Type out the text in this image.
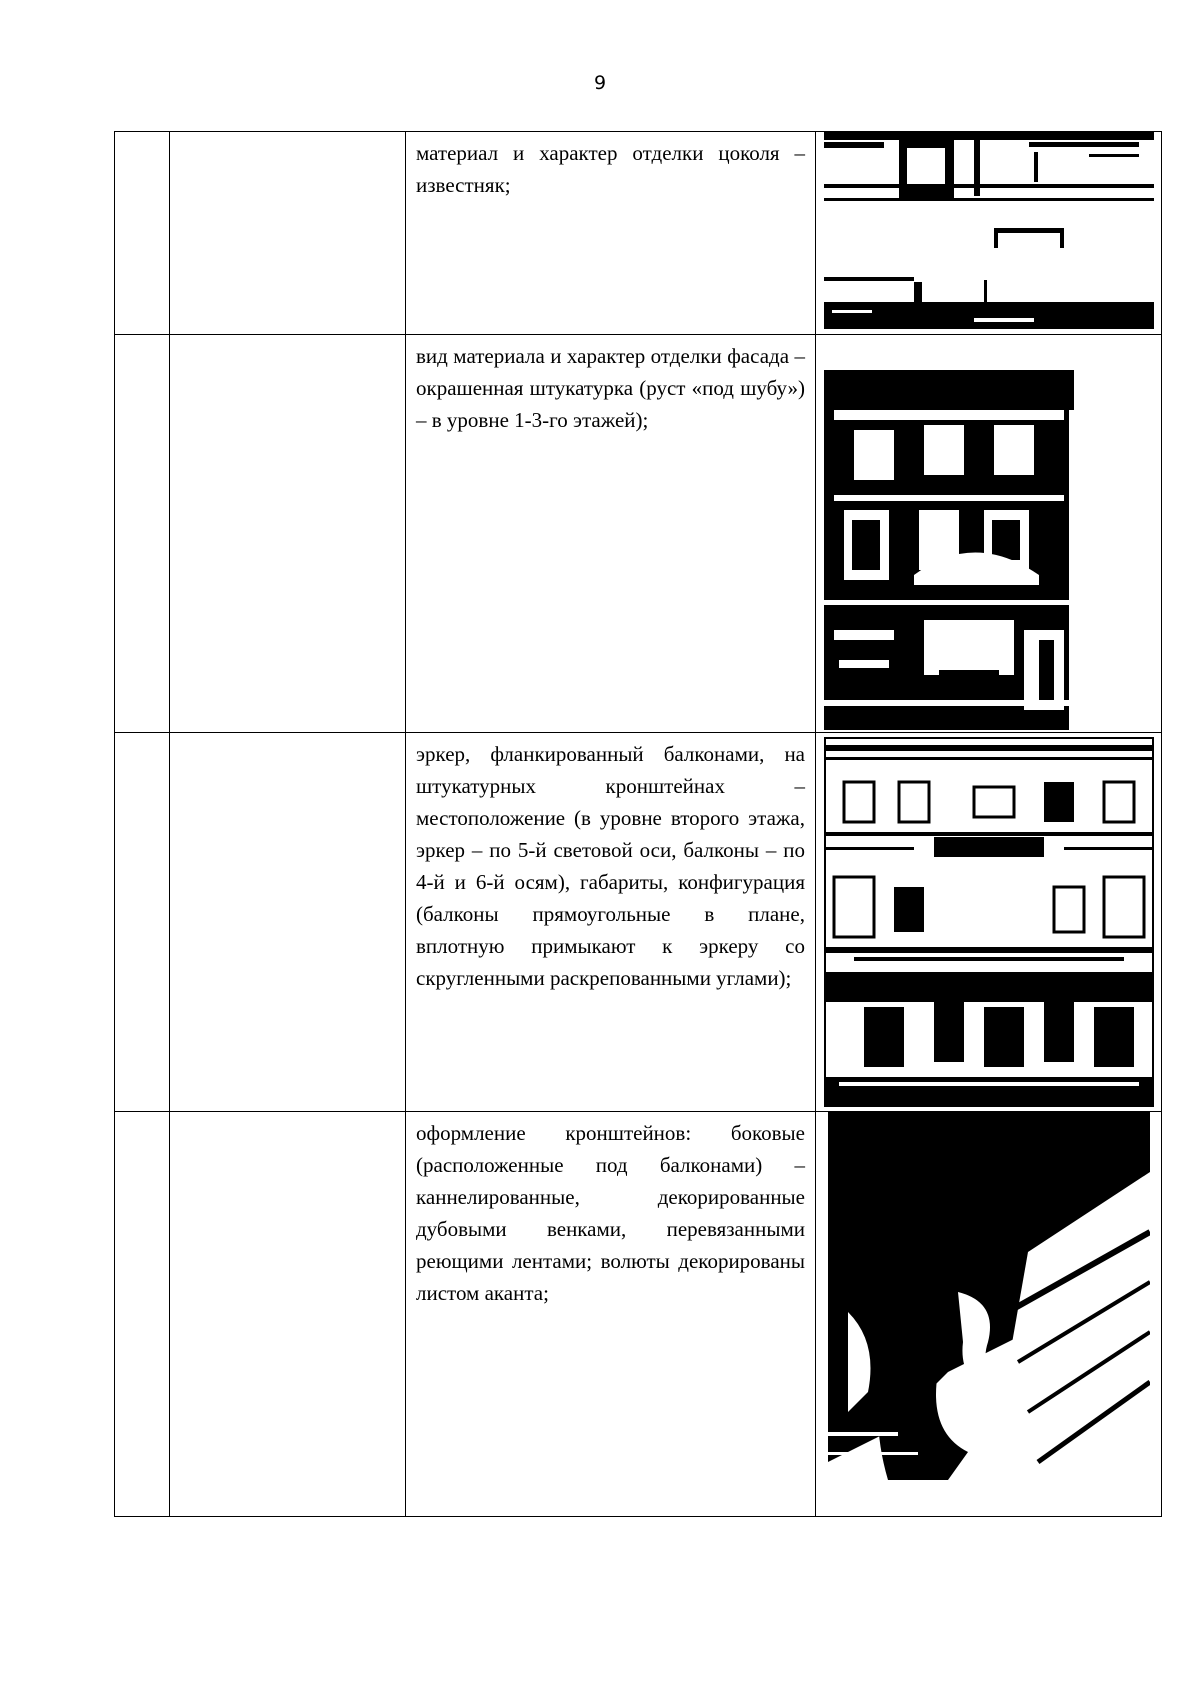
9
		материал и характер отделки цоколя – известняк;	

		вид материала и характер отделки фасада – окрашенная штукатурка (руст «под шубу») – в уровне 1-3-го этажей);	

		эркер, фланкированный балконами, на штукатурных кронштейнах – местоположение (в уровне второго этажа, эркер – по 5-й световой оси, балконы – по 4-й и 6-й осям), габариты, конфигурация (балконы прямоугольные в плане, вплотную примыкают к эркеру со скругленными раскрепованными углами);	

		оформление кронштейнов: боковые (расположенные под балконами) – каннелированные, декорированные дубовыми венками, перевязанными реющими лентами; волюты декорированы листом аканта;	
